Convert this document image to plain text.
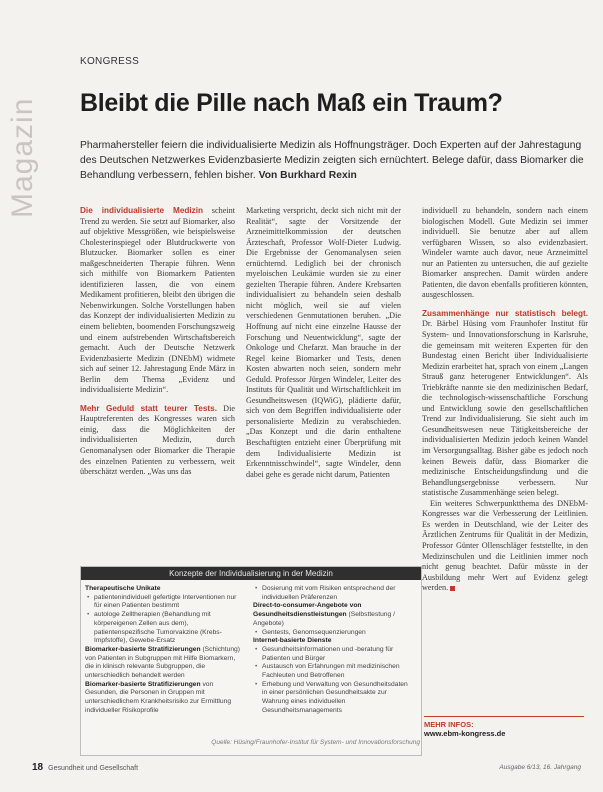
Magazin
KONGRESS
Bleibt die Pille nach Maß ein Traum?
Pharmahersteller feiern die individualisierte Medizin als Hoffnungsträger. Doch Experten auf der Jahrestagung des Deutschen Netzwerkes Evidenzbasierte Medizin zeigten sich ernüchtert. Belege dafür, dass Biomarker die Behandlung verbessern, fehlen bisher. Von Burkhard Rexin

Die individualisierte Medizin scheint Trend zu werden. Sie setzt auf Biomarker, also auf objektive Messgrößen, wie beispielsweise Cholesterinspiegel oder Blutdruckwerte von Blutzucker. Biomarker sollen es einer maßgeschneiderten Therapie führen. Wenn sich mithilfe von Biomarkern Patienten identifizieren lassen, die von einem Medikament profitieren, bleibt den übrigen die Nebenwirkungen. Solche Vorstellungen haben das Konzept der individualisierten Medizin zu einem beliebten, boomenden Forschungszweig und einem aufstrebenden Wirtschaftsbereich gemacht. Auch der Deutsche Netzwerk Evidenzbasierte Medizin (DNEbM) widmete sich auf seiner 12. Jahrestagung Ende März in Berlin dem Thema „Evidenz und individualisierte Medizin“.

Mehr Geduld statt teurer Tests. Die Hauptreferenten des Kongresses waren sich einig, dass die Möglichkeiten der individualisierten Medizin, durch Genomanalysen oder Biomarker die Therapie des einzelnen Patienten zu verbessern, weit überschätzt werden. „Was uns das

Marketing verspricht, deckt sich nicht mit der Realität“, sagte der Vorsitzende der Arzneimittelkommission der deutschen Ärzteschaft, Professor Wolf-Dieter Ludwig. Die Ergebnisse der Genomanalysen seien ernüchternd. Lediglich bei der chronisch myeloischen Leukämie wurden sie zu einer gezielten Therapie führen. Andere Krebsarten individualisiert zu behandeln seien deshalb nicht möglich, weil sie auf vielen verschiedenen Genmutationen beruhen. „Die Hoffnung auf nicht eine einzelne Hausse der Forschung und Neuentwicklung“, sagte der Onkologe und Chefarzt. Man brauche in der Regel keine Biomarker und Tests, denen Kosten abwarten noch seien, sondern mehr Geduld. Professor Jürgen Windeler, Leiter des Instituts für Qualität und Wirtschaftlichkeit im Gesundheitswesen (IQWiG), plädierte dafür, sich von dem Begriffen individualisierte oder personalisierte Medizin zu verabschieden. „Das Konzept und die darin enthaltene Beschaftigten entzieht einer Überprüfung mit dem Individualisierte Medizin ist Erkenntnisschwindel“, sagte Windeler, denn dabei gehe es gerade nicht darum, Patienten

individuell zu behandeln, sondern nach einem biologischen Modell. Gute Medizin sei immer individuell. Sie benutze aber auf allem verfügbaren Wissen, so also evidenzbasiert. Windeler warnte auch davor, neue Arzneimittel nur an Patienten zu untersuchen, die auf gezielte Biomarker ansprechen. Damit würden andere Patienten, die davon ebenfalls profitieren könnten, ausgeschlossen.

Zusammenhänge nur statistisch belegt. Dr. Bärbel Hüsing vom Fraunhofer Institut für System- und Innovationsforschung in Karlsruhe, die gemeinsam mit weiteren Experten für den Bundestag einen Bericht über Individualisierte Medizin erarbeitet hat, sprach von einem „Langen Strauß ganz heterogener Entwicklungen“. Als Triebkräfte nannte sie den medizinischen Bedarf, die technologisch-wissenschaftliche Forschung und Entwicklung sowie den gesellschaftlichen Trend zur Individualisierung. Sie sieht auch im Gesundheitswesen neue Tätigkeitsbereiche der individualisierten Medizin jedoch keinen Wandel im Versorgungsalltag. Bisher gäbe es jedoch noch keinen Beweis dafür, dass Biomarker die medizinische Entscheidungsfindung und die Behandlungsergebnisse verbessern. Nur statistische Zusammenhänge seien belegt.

Ein weiteres Schwerpunktthema des DNEbM-Kongresses war die Verbesserung der Leitlinien. Es werden in Deutschland, wie der Leiter des Ärztlichen Zentrums für Qualität in der Medizin, Professor Günter Ollenschläger feststellte, in den Medizinschulen und die Leitlinien immer noch nicht genug beachtet. Dafür müsste in der Ausbildung mehr Wert auf Evidenz gelegt werden.

Konzepte der Individualisierung in der Medizin
Therapeutische Unikate
• patientenindividuell gefertigte Interventionen nur für einen Patienten bestimmt
• autologe Zelltherapien (Behandlung mit körpereigenen Zellen aus dem), patientenspezifische Tumorvakzine (Krebs-Impfstoffe), Gewebe-Ersatz
Biomarker-basierte Stratifizierungen (Schichtung) von Patienten in Subgruppen mit Hilfe Biomarkern, die in klinisch relevante Subgruppen, die unterschiedlich behandelt werden
Biomarker-basierte Stratifizierungen von Gesunden, die Personen in Gruppen mit unterschiedlichem Krankheitsrisiko zur Ermittlung individueller Risikoprofile
• Dosierung mit vom Risiken entsprechend der individuellen Präferenzen
Direct-to-consumer-Angebote von Gesundheitsdienstleistungen (Selbsttestung / Angebote)
• Gentests, Genomsequenzierungen
Internet-basierte Dienste
• Gesundheitsinformationen und -beratung für Patienten und Bürger
• Austausch von Erfahrungen mit medizinischen Fachleuten und Betroffenen
• Erhebung und Verwaltung von Gesundheitsdaten in einer persönlichen Gesundheitsakte zur Wahrung eines individuellen Gesundheitsmanagements
Quelle: Hüsing/Fraunhofer-Institut für System- und Innovationsforschung
MEHR INFOS:
www.ebm-kongress.de
18 Gesundheit und Gesellschaft	Ausgabe 6/13, 16. Jahrgang
